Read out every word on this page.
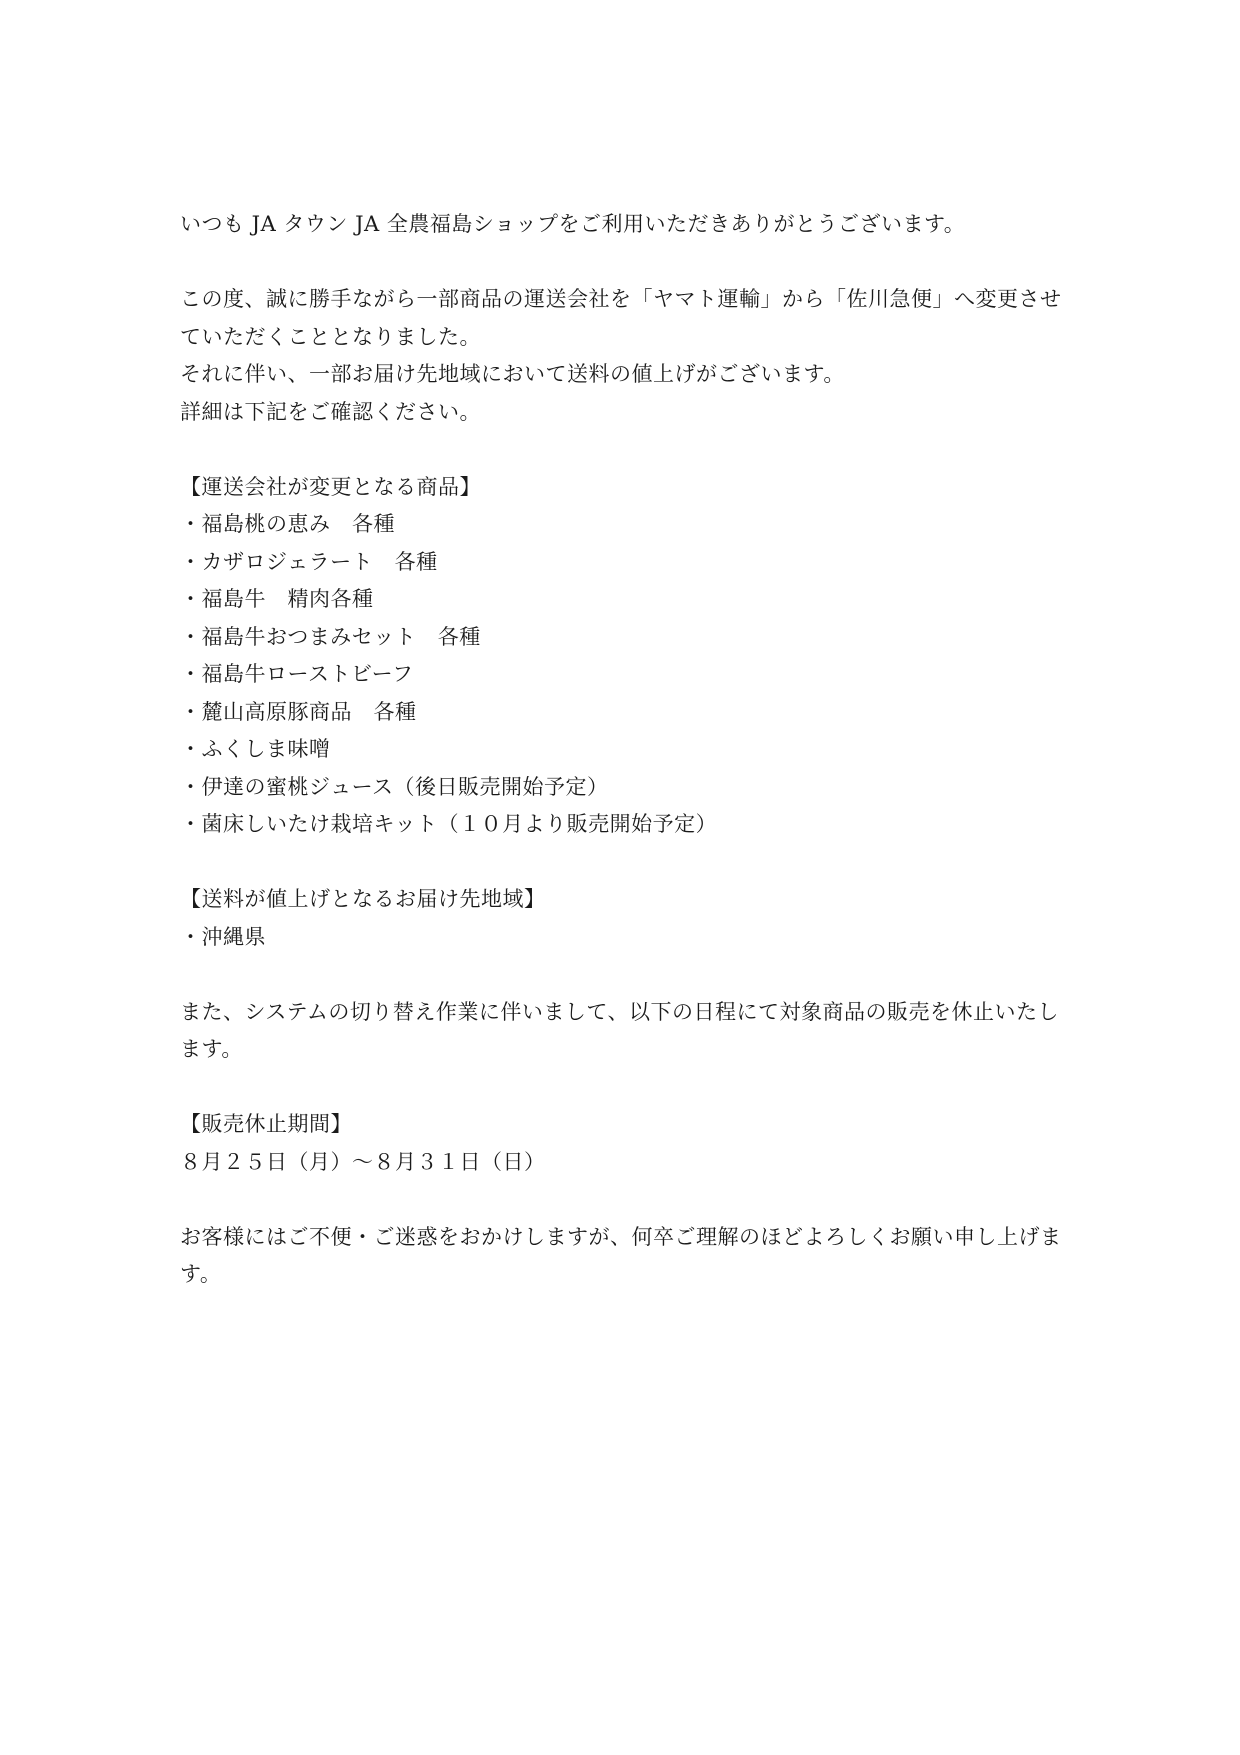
いつも JA タウン JA 全農福島ショップをご利用いただきありがとうございます。
この度、誠に勝手ながら一部商品の運送会社を「ヤマト運輸」から「佐川急便」へ変更させ
ていただくこととなりました。
それに伴い、一部お届け先地域において送料の値上げがございます。
詳細は下記をご確認ください。
【運送会社が変更となる商品】
・福島桃の恵み　各種
・カザロジェラート　各種
・福島牛　精肉各種
・福島牛おつまみセット　各種
・福島牛ローストビーフ
・麓山高原豚商品　各種
・ふくしま味噌
・伊達の蜜桃ジュース（後日販売開始予定）
・菌床しいたけ栽培キット（１０月より販売開始予定）
【送料が値上げとなるお届け先地域】
・沖縄県
また、システムの切り替え作業に伴いまして、以下の日程にて対象商品の販売を休止いたし
ます。
【販売休止期間】
８月２５日（月）～８月３１日（日）
お客様にはご不便・ご迷惑をおかけしますが、何卒ご理解のほどよろしくお願い申し上げま
す。
